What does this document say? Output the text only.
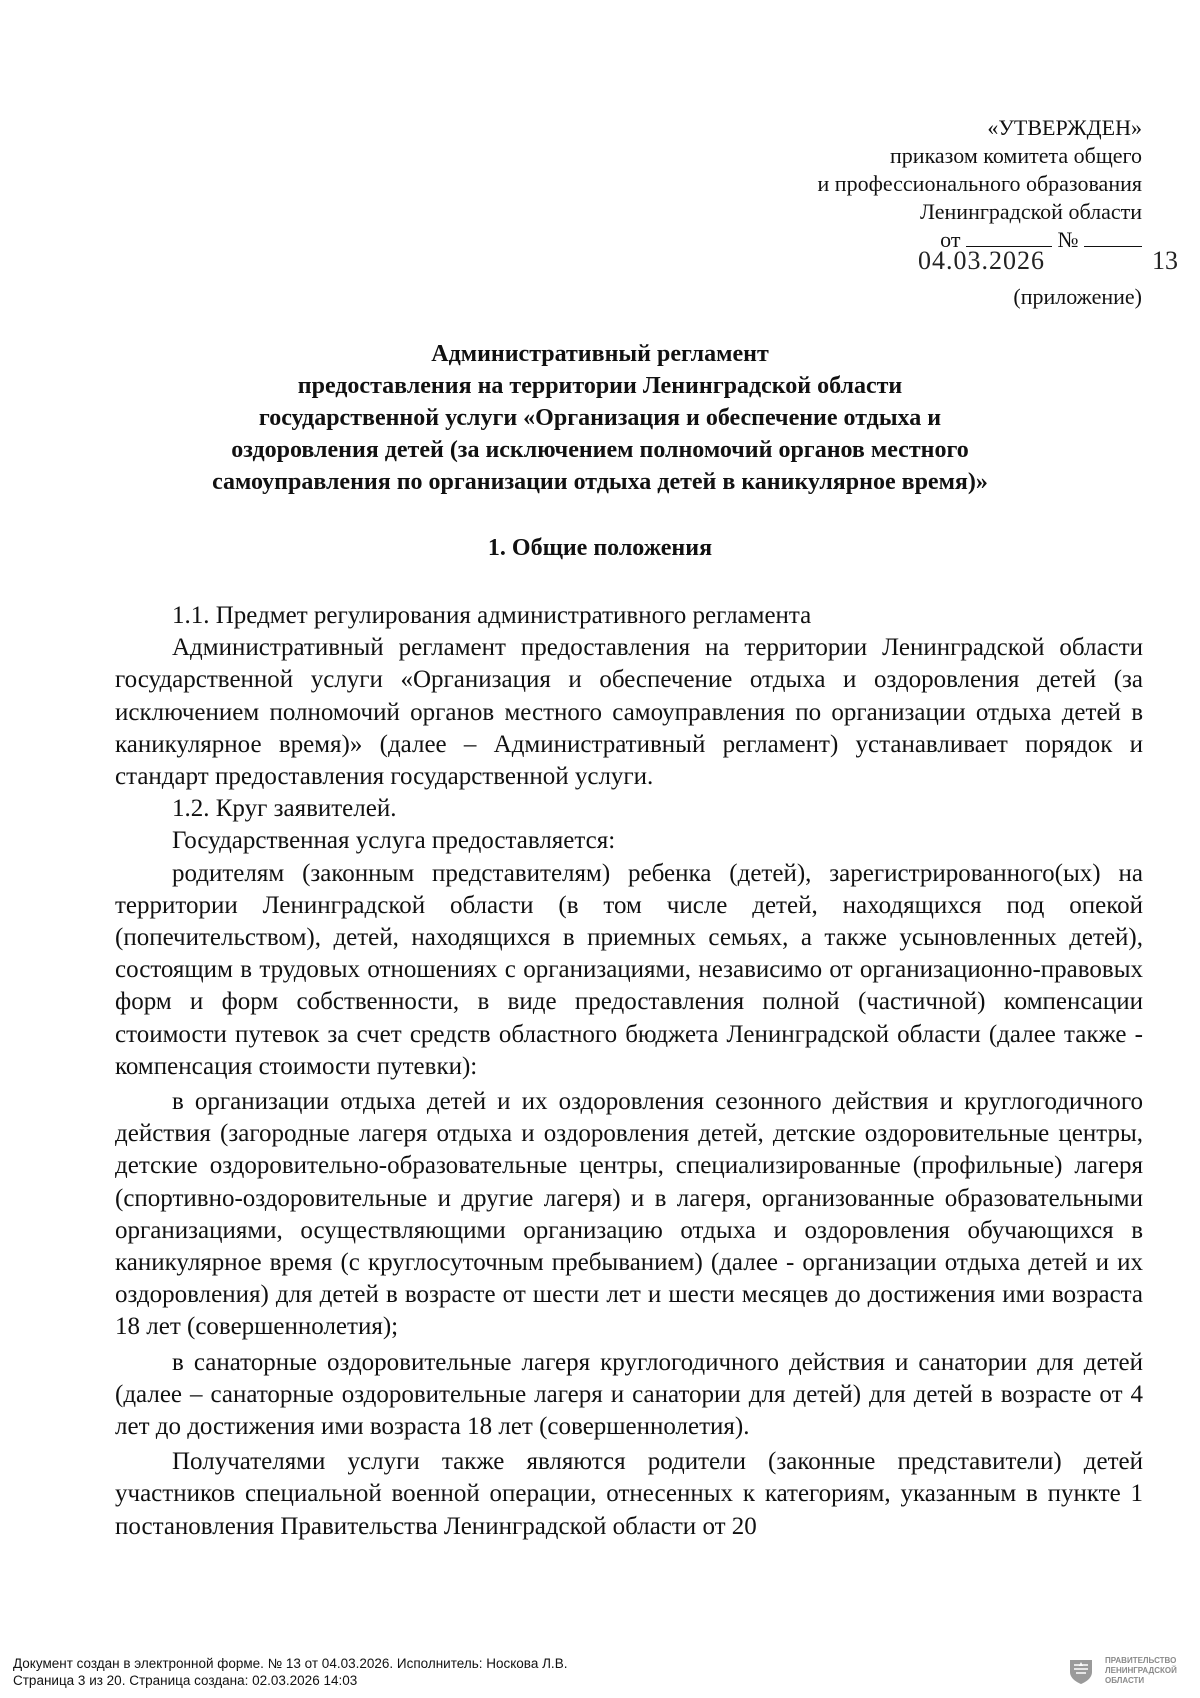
«УТВЕРЖДЕН»
приказом комитета общего
и профессионального образования
Ленинградской области
от	№
04.03.2026	13
(приложение)
Административный регламент
предоставления на территории Ленинградской области
государственной услуги «Организация и обеспечение отдыха и
оздоровления детей (за исключением полномочий органов местного
самоуправления по организации отдыха детей в каникулярное время)»
1. Общие положения

1.1. Предмет регулирования административного регламента

Административный регламент предоставления на территории Ленинградской области государственной услуги «Организация и обеспечение отдыха и оздоровления детей (за исключением полномочий органов местного самоуправления по организации отдыха детей в каникулярное время)» (далее – Административный регламент) устанавливает порядок и стандарт предоставления государственной услуги.

1.2. Круг заявителей.

Государственная услуга предоставляется:

родителям (законным представителям) ребенка (детей), зарегистрированного(ых) на территории Ленинградской области (в том числе детей, находящихся под опекой (попечительством), детей, находящихся в приемных семьях, а также усыновленных детей), состоящим в трудовых отношениях с организациями, независимо от организационно-правовых форм и форм собственности, в виде предоставления полной (частичной) компенсации стоимости путевок за счет средств областного бюджета Ленинградской области (далее также - компенсация стоимости путевки):

в организации отдыха детей и их оздоровления сезонного действия и круглогодичного действия (загородные лагеря отдыха и оздоровления детей, детские оздоровительные центры, детские оздоровительно-образовательные центры, специализированные (профильные) лагеря (спортивно-оздоровительные и другие лагеря) и в лагеря, организованные образовательными организациями, осуществляющими организацию отдыха и оздоровления обучающихся в каникулярное время (с круглосуточным пребыванием) (далее - организации отдыха детей и их оздоровления) для детей в возрасте от шести лет и шести месяцев до достижения ими возраста 18 лет (совершеннолетия);

в санаторные оздоровительные лагеря круглогодичного действия и санатории для детей (далее – санаторные оздоровительные лагеря и санатории для детей) для детей в возрасте от 4 лет до достижения ими возраста 18 лет (совершеннолетия).

Получателями услуги также являются родители (законные представители) детей участников специальной военной операции, отнесенных к категориям, указанным в пункте 1 постановления Правительства Ленинградской области от 20

Документ создан в электронной форме. № 13 от 04.03.2026. Исполнитель: Носкова Л.В.
Страница 3 из 20. Страница создана: 02.03.2026 14:03
ПРАВИТЕЛЬСТВО
ЛЕНИНГРАДСКОЙ
ОБЛАСТИ
